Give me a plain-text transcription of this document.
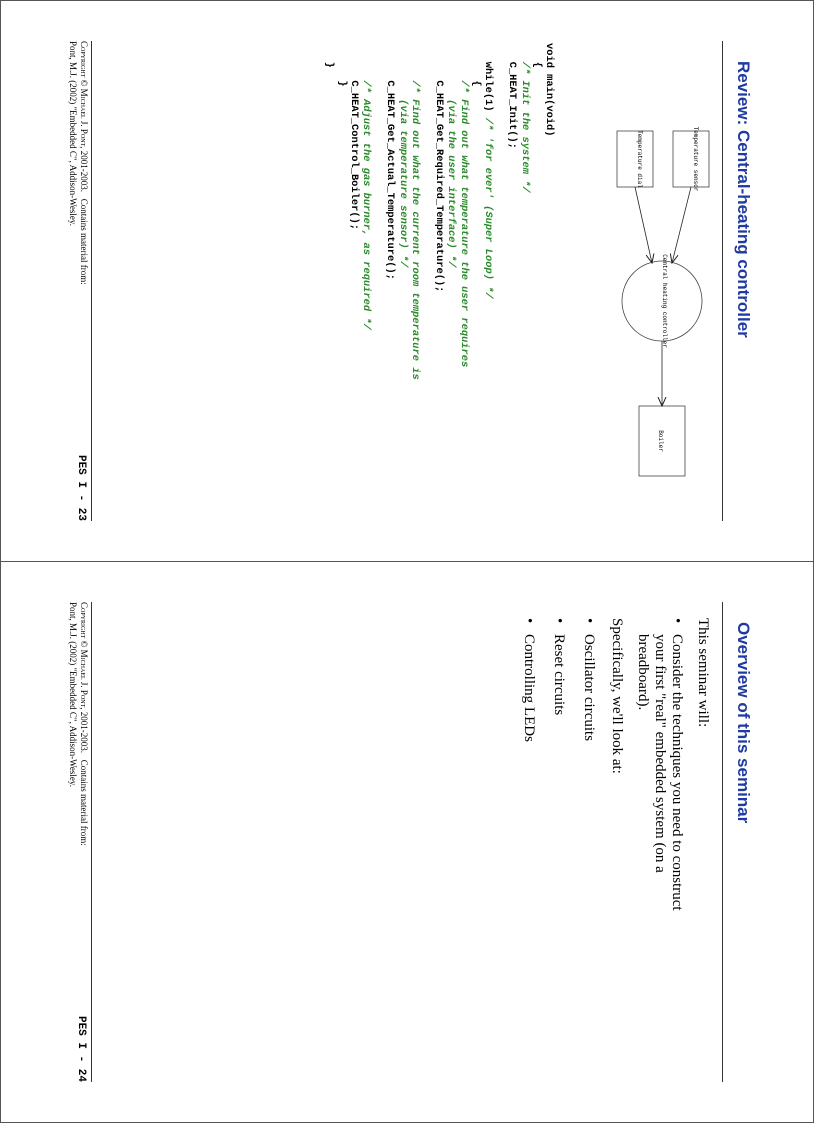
Review: Central-heating controller
Temperature sensor
Temperature dial
Central heating controller
Boiler
void main(void)
{
/* Init the system */
C_HEAT_Init();

while(1) /* 'for ever' (Super Loop) */
{
/* Find out what temperature the user requires
(via the user interface) */
C_HEAT_Get_Required_Temperature();

/* Find out what the current room temperature is
(via temperature sensor) */
C_HEAT_Get_Actual_Temperature();

/* Adjust the gas burner, as required */
C_HEAT_Control_Boiler();
}
}
Copyright © Michael J. Pont, 2001-2003.   Contains material from:
Pont, M.J. (2002) "Embedded C", Addison-Wesley.
PES I - 23
Overview of this seminar
This seminar will:
• Consider the techniques you need to construct your first "real" embedded system (on a breadboard).
Specifically, we'll look at:
• Oscillator circuits
• Reset circuits
• Controlling LEDs
Copyright © Michael J. Pont, 2001-2003.   Contains material from:
Pont, M.J. (2002) "Embedded C", Addison-Wesley.
PES I - 24
